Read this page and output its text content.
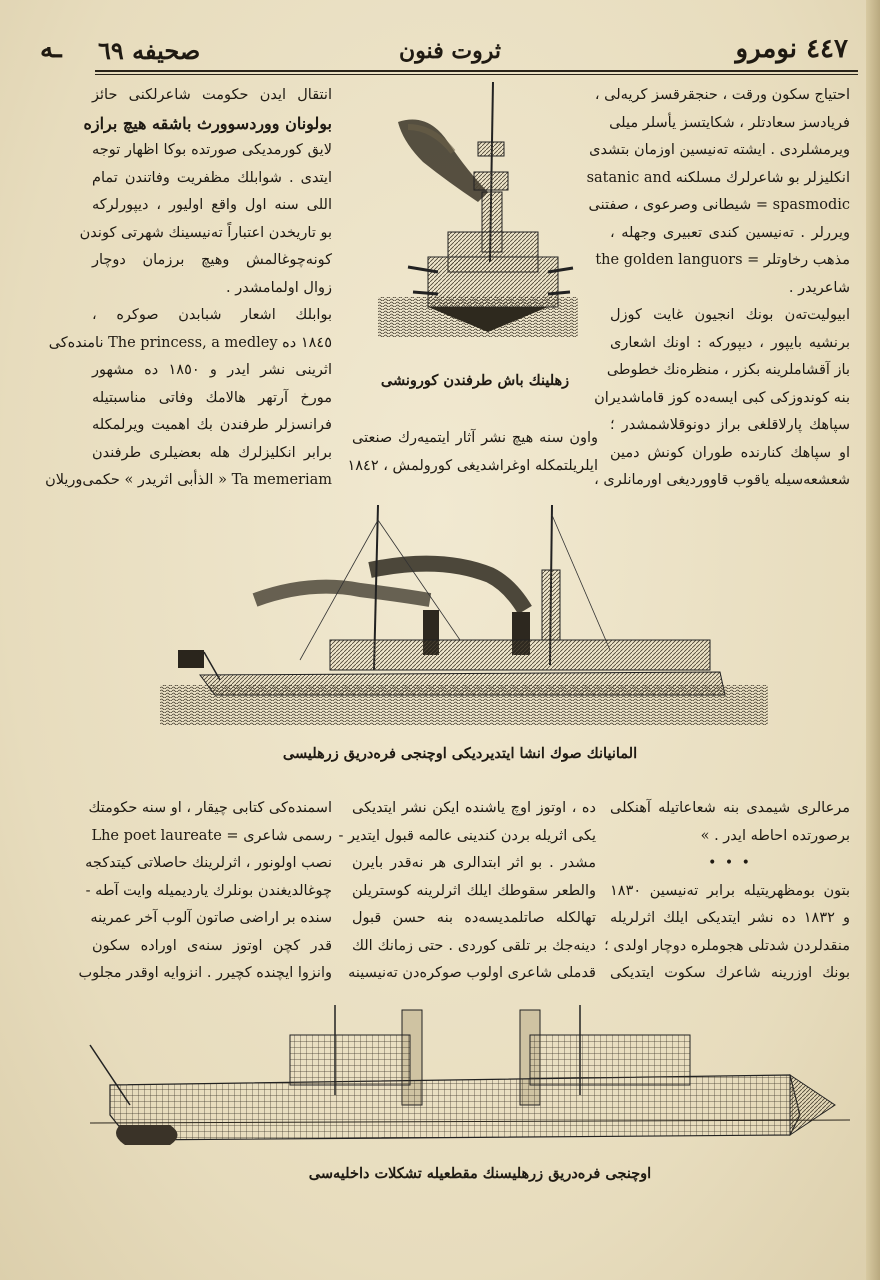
ـه صحیفه ٦٩	ثروت فنون	٤٤٧ نومرو
احتیاج سکون ورقت ، حنجقرقسز کریه‌لی ،
فریادسز سعادتلر ، شکایتسز یأسلر میلی
ویرمشلردی . ایشته ته‌نیسین اوزمان بتشدی
انکلیزلر بو شاعرلرك مسلکنه satanic and
spasmodic = شیطانی وصرعوی ، صفتنی
ویررلر . ته‌نیسین کندی تعبیری وجهله ،
مذهب رخاوتلر = the golden languors
شاعریدر .
ابیولیت‌ته‌ن بونك انجیون غایت کوزل
برنشیه بایپور ، دیپورکه : اونك اشعاری
باز آقشاملرینه بکزر ، منظره‌نك خطوطی
بنه کوندوزکی کبی ایسه‌ده کوز قاماشدیران
سپاهك پارلاقلغی براز دونوقلاشمشدر ؛
او سپاهك کنارنده طوران کونش دمین
شعشعه‌سیله یاقوب قاووردیغی اورمانلری ،
انتقال ایدن حکومت شاعرلکنی حائز
بولونان ووردسوورث باشقه هیچ برازه
لایق کورمدیکی صورتده بوکا اظهار توجه
ایتدی . شوابلك مظفریت وفاتندن تمام
اللی سنه اول واقع اولیور ، دیپورلرکه
بو تاریخدن اعتباراً ته‌نیسینك شهرتی کوندن
کونه‌چوغالمش وهیچ برزمان دوچار
زوال اولمامشدر .
بوابلك اشعار شبابدن صوکره ،
۱۸٤٥ ده The princess, a medley نامنده‌کی
اثرینی نشر ایدر و ۱۸٥۰ ده مشهور
مورخ آرتهر هالامك وفاتی مناسبتیله
فرانسزلر طرفندن بك اهمیت ویرلمکله
برابر انکلیزلرك هله بعضیلری طرفندن
Ta memeriam « الذأبی اثریدر » حکمی‌وریلان
زهلینك باش طرفندن کورونشی
واون سنه هیچ نشر آثار ایتمیه‌رك صنعتی
ایلریلتمکله اوغراشدیغی کورولمش ، ۱۸٤۲
المانیانك صوك انشا ایتدیردیکی اوچنجی فره‌دریق زرهلیسی
مرعالری شیمدی بنه شعاعاتیله آهنکلی
برصورتده احاطه ایدر . »

بتون بومظهریتیله برابر ته‌نیسین ۱۸۳۰
و ۱۸۳۲ ده نشر ایتدیکی ایلك اثرلریله
منقدلردن شدتلی هجوملره دوچار اولدی ؛
بونك اوزرینه شاعرك سکوت ایتدیکی
• • •
ده ، اوتوز اوچ یاشنده ایکن نشر ایتدیکی
یکی اثریله بردن کندینی عالمه قبول ایتدیر -
مشدر . بو اثر ابتدالری هر نه‌قدر بایرن
والطعر سقوطك ایلك اثرلرینه کوستریلن
تهالکله صاتلمدیسه‌ده بنه حسن قبول
دینه‌جك بر تلقی کوردی . حتی زمانك الك
قدملی شاعری اولوب صوکره‌دن ته‌نیسینه
اسمنده‌کی کتابی چیقار ، او سنه حکومتك
رسمی شاعری = Lhe poet laureate
نصب اولونور ، اثرلرینك حاصلاتی کیتدکجه
چوغالدیغندن بونلرك یاردیمیله وایت آطه -
سنده بر اراضی صاتون آلوب آخر عمرینه
قدر کچن اوتوز سنه‌ی اوراده سکون
وانزوا ایچنده کچیرر . انزوایه اوقدر مجلوب
اوچنجی فره‌دریق زرهلیسنك مقطعیله تشکلات داخلیه‌سی
